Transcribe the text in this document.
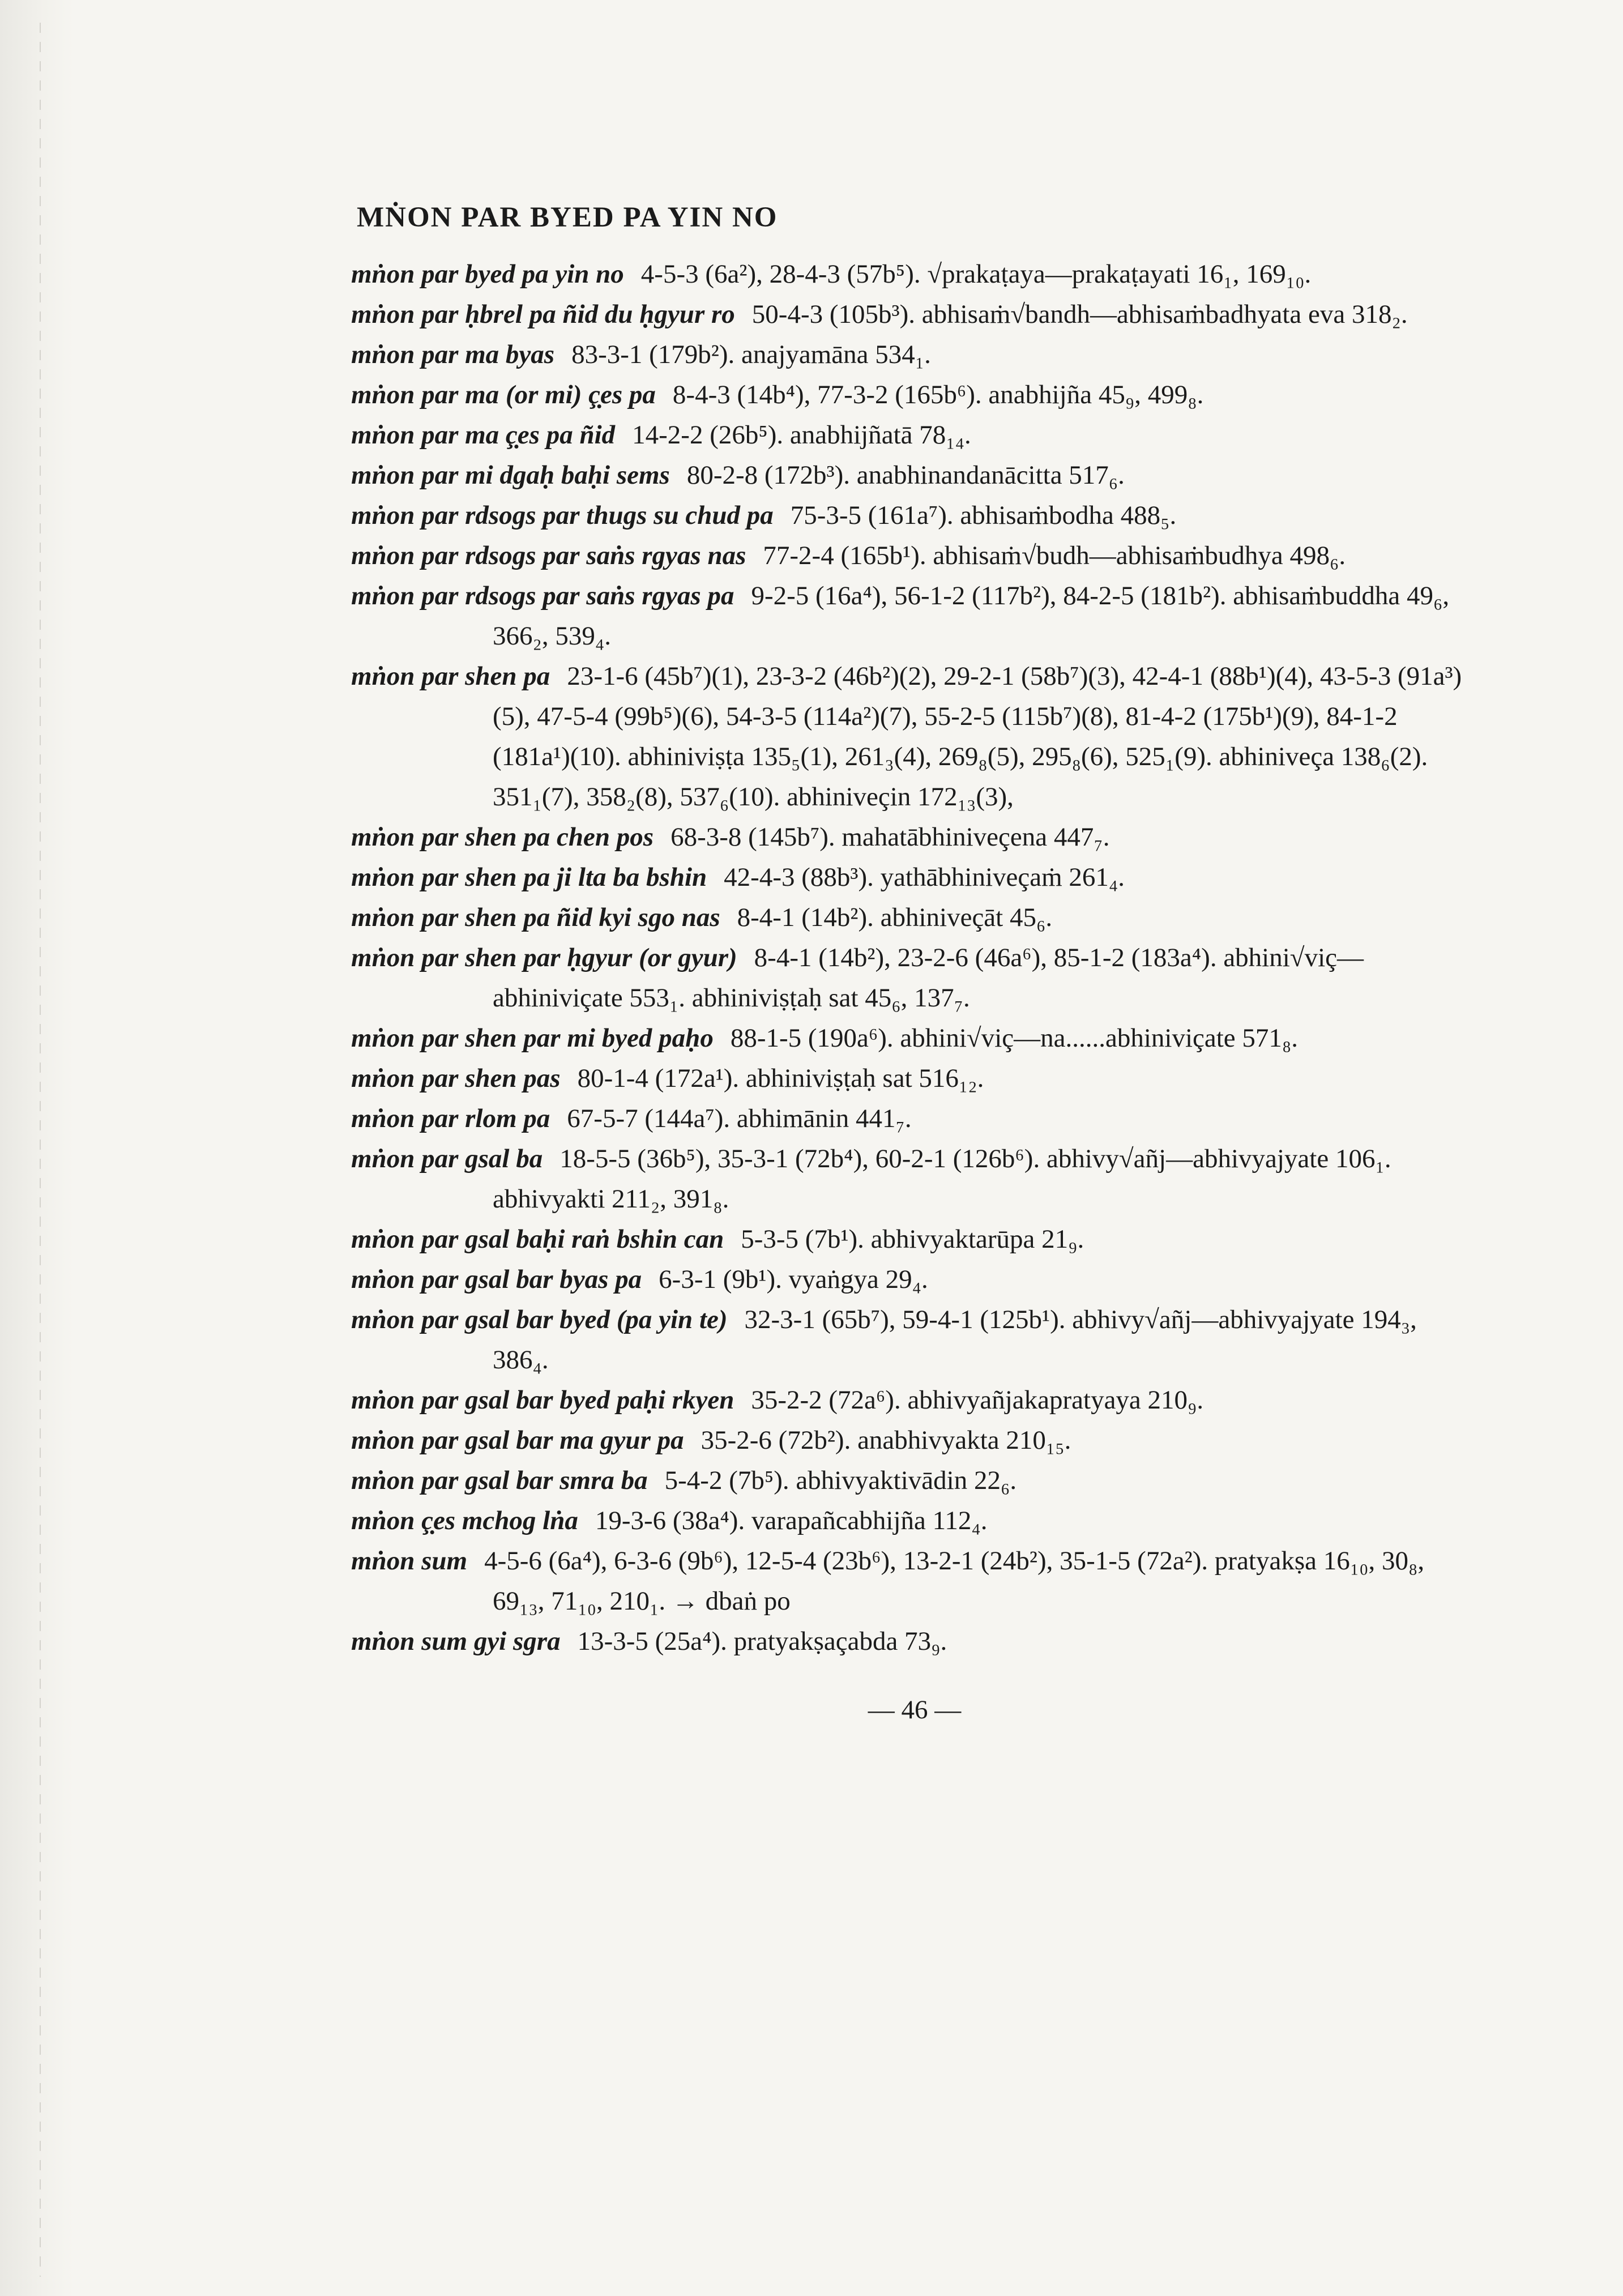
MṄON PAR BYED PA YIN NO

mṅon par byed pa yin no 4-5-3 (6a²), 28-4-3 (57b⁵). √prakaṭaya—prakaṭayati 16₁, 169₁₀.

mṅon par ḥbrel pa ñid du ḥgyur ro 50-4-3 (105b³). abhisaṁ√bandh—abhisaṁbadhyata eva 318₂.

mṅon par ma byas 83-3-1 (179b²). anajyamāna 534₁.

mṅon par ma (or mi) ç̣es pa 8-4-3 (14b⁴), 77-3-2 (165b⁶). anabhijña 45₉, 499₈.

mṅon par ma ç̣es pa ñid 14-2-2 (26b⁵). anabhijñatā 78₁₄.

mṅon par mi dgaḥ baḥi sems 80-2-8 (172b³). anabhinandanācitta 517₆.

mṅon par rdsogs par thugs su chud pa 75-3-5 (161a⁷). abhisaṁbodha 488₅.

mṅon par rdsogs par saṅs rgyas nas 77-2-4 (165b¹). abhisaṁ√budh—abhisaṁbudhya 498₆.

mṅon par rdsogs par saṅs rgyas pa 9-2-5 (16a⁴), 56-1-2 (117b²), 84-2-5 (181b²). abhisaṁbuddha 49₆, 366₂, 539₄.

mṅon par shen pa 23-1-6 (45b⁷)(1), 23-3-2 (46b²)(2), 29-2-1 (58b⁷)(3), 42-4-1 (88b¹)(4), 43-5-3 (91a³)(5), 47-5-4 (99b⁵)(6), 54-3-5 (114a²)(7), 55-2-5 (115b⁷)(8), 81-4-2 (175b¹)(9), 84-1-2 (181a¹)(10). abhiniviṣṭa 135₅(1), 261₃(4), 269₈(5), 295₈(6), 525₁(9). abhiniveça 138₆(2). 351₁(7), 358₂(8), 537₆(10). abhiniveçin 172₁₃(3),

mṅon par shen pa chen pos 68-3-8 (145b⁷). mahatābhiniveçena 447₇.

mṅon par shen pa ji lta ba bshin 42-4-3 (88b³). yathābhiniveçaṁ 261₄.

mṅon par shen pa ñid kyi sgo nas 8-4-1 (14b²). abhiniveçāt 45₆.

mṅon par shen par ḥgyur (or gyur) 8-4-1 (14b²), 23-2-6 (46a⁶), 85-1-2 (183a⁴). abhini√viç—abhiniviçate 553₁. abhiniviṣṭaḥ sat 45₆, 137₇.

mṅon par shen par mi byed paḥo 88-1-5 (190a⁶). abhini√viç—na......abhiniviçate 571₈.

mṅon par shen pas 80-1-4 (172a¹). abhiniviṣṭaḥ sat 516₁₂.

mṅon par rlom pa 67-5-7 (144a⁷). abhimānin 441₇.

mṅon par gsal ba 18-5-5 (36b⁵), 35-3-1 (72b⁴), 60-2-1 (126b⁶). abhivy√añj—abhivyajyate 106₁. abhivyakti 211₂, 391₈.

mṅon par gsal baḥi raṅ bshin can 5-3-5 (7b¹). abhivyaktarūpa 21₉.

mṅon par gsal bar byas pa 6-3-1 (9b¹). vyaṅgya 29₄.

mṅon par gsal bar byed (pa yin te) 32-3-1 (65b⁷), 59-4-1 (125b¹). abhivy√añj—abhivyajyate 194₃, 386₄.

mṅon par gsal bar byed paḥi rkyen 35-2-2 (72a⁶). abhivyañjakapratyaya 210₉.

mṅon par gsal bar ma gyur pa 35-2-6 (72b²). anabhivyakta 210₁₅.

mṅon par gsal bar smra ba 5-4-2 (7b⁵). abhivyaktivādin 22₆.

mṅon ç̣es mchog lṅa 19-3-6 (38a⁴). varapañcabhijña 112₄.

mṅon sum 4-5-6 (6a⁴), 6-3-6 (9b⁶), 12-5-4 (23b⁶), 13-2-1 (24b²), 35-1-5 (72a²). pratyakṣa 16₁₀, 30₈, 69₁₃, 71₁₀, 210₁. → dbaṅ po

mṅon sum gyi sgra 13-3-5 (25a⁴). pratyakṣaçabda 73₉.

— 46 —
